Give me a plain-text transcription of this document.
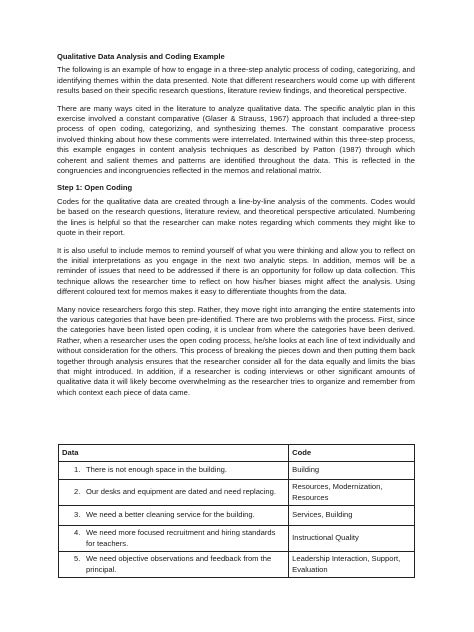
Qualitative Data Analysis and Coding Example

The following is an example of how to engage in a three-step analytic process of coding, categorizing, and identifying themes within the data presented. Note that different researchers would come up with different results based on their specific research questions, literature review findings, and theoretical perspective.

There are many ways cited in the literature to analyze qualitative data. The specific analytic plan in this exercise involved a constant comparative (Glaser & Strauss, 1967) approach that included a three-step process of open coding, categorizing, and synthesizing themes. The constant comparative process involved thinking about how these comments were interrelated. Intertwined within this three-step process, this example engages in content analysis techniques as described by Patton (1987) through which coherent and salient themes and patterns are identified throughout the data. This is reflected in the congruencies and incongruencies reflected in the memos and relational matrix.

Step 1: Open Coding

Codes for the qualitative data are created through a line-by-line analysis of the comments. Codes would be based on the research questions, literature review, and theoretical perspective articulated. Numbering the lines is helpful so that the researcher can make notes regarding which comments they might like to quote in their report.

It is also useful to include memos to remind yourself of what you were thinking and allow you to reflect on the initial interpretations as you engage in the next two analytic steps. In addition, memos will be a reminder of issues that need to be addressed if there is an opportunity for follow up data collection. This technique allows the researcher time to reflect on how his/her biases might affect the analysis. Using different coloured text for memos makes it easy to differentiate thoughts from the data.

Many novice researchers forgo this step. Rather, they move right into arranging the entire statements into the various categories that have been pre-identified. There are two problems with the process. First, since the categories have been listed open coding, it is unclear from where the categories have been derived. Rather, when a researcher uses the open coding process, he/she looks at each line of text individually and without consideration for the others. This process of breaking the pieces down and then putting them back together through analysis ensures that the researcher consider all for the data equally and limits the bias that might introduced. In addition, if a researcher is coding interviews or other significant amounts of qualitative data it will likely become overwhelming as the researcher tries to organize and remember from which context each piece of data came.

Data	Code

1. There is not enough space in the building.	Building

2. Our desks and equipment are dated and need replacing.	Resources, Modernization, Resources

3. We need a better cleaning service for the building.	Services, Building

4. We need more focused recruitment and hiring standards for teachers.	Instructional Quality

5. We need objective observations and feedback from the principal.	Leadership Interaction, Support, Evaluation
